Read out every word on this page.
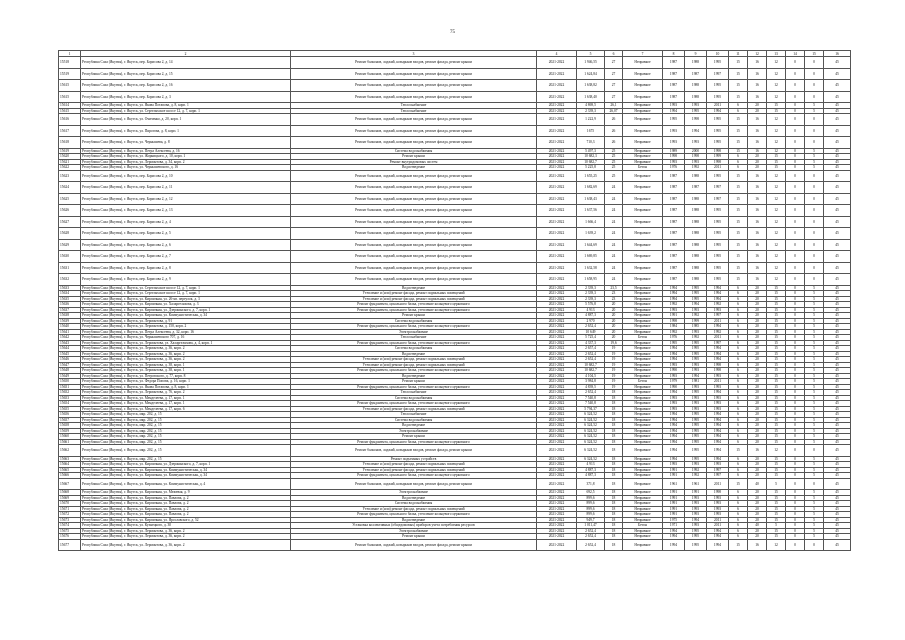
75
1	2	3	4	5	6	7	8	9	10	11	12	13	14	15	16
15518	Республика Саха (Якутия), г. Якутск, пер. Борисова 2, д. 14	Ремонт балконов, лоджий, козырьков входов, ремонт фасада, ремонт крыши	2021-2022	1 946,55	27	Неправкое	1987	1988	1995	15	16	12	0	0	45
15519	Республика Саха (Якутия), г. Якутск, пер. Борисова 2, д. 15	Ремонт балконов, лоджий, козырьков входов, ремонт фасада, ремонт крыши	2021-2022	1 624,84	27	Неправкое	1987	1987	1997	15	16	12	0	0	45
15615	Республика Саха (Якутия), г. Якутск, пер. Борисова 2, д. 16	Ремонт балконов, лоджий, козырьков входов, ремонт фасада, ремонт крыши	2021-2022	1 638,82	27	Неправкое	1987	1988	1995	15	16	12	0	0	45
15615	Республика Саха (Якутия), г. Якутск, пер. Борисова 2, д. 3	Ремонт балконов, лоджий, козырьков входов, ремонт фасада, ремонт крыши	2021-2022	1 638,40	27	Неправкое	1987	1988	1995	15	16	12	0	0	45
15614	Республика Саха (Якутия), г. Якутск, ул. Якова Потапова, д. 8, корп. 1	Теплоснабжение	2021-2022	4 869,5	26,1	Неправкое	1993	1993	2011	6	20	15	0	5	45
15615	Республика Саха (Якутия), г. Якутск, ул. Сергеляхское шоссе 12, д. 7, корп. 1	Теплоснабжение	2021-2022	2 339,3	26,07	Неправкое	1994	1995	1994	6	20	15	0	5	45
15616	Республика Саха (Якутия), г. Якутск, ул. Очиченко, д. 20, корп. 1	Ремонт балконов, лоджий, козырьков входов, ремонт фасада, ремонт крыши	2021-2022	1 222,9	26	Неправкое	1995	1998	1995	15	16	12	0	0	45
15617	Республика Саха (Якутия), г. Якутск, ул. Пирогова, д. 8, корп. 1	Ремонт балконов, лоджий, козырьков входов, ремонт фасада, ремонт крыши	2021-2022	1675	26	Неправкое	1993	1994	1995	15	16	12	0	0	45
15618	Республика Саха (Якутия), г. Якутск, ул. Чернышева, д. 8	Ремонт балконов, лоджий, козырьков входов, ремонт фасада, ремонт крыши	2021-2022	710,3	26	Неправкое	1993	1993	1995	15	16	12	0	0	45
15619	Республика Саха (Якутия), г. Якутск, ул. Петра Алексеева, д. 16	Система водоснабжения	2021-2022	5 497,3	25	Неправкое	1989	2000	1998	15	16	12	0	5	45
15620	Республика Саха (Якутия), г. Якутск, ул. Жорницкого, д. 10, корп. 1	Ремонт крыши	2021-2022	10 682,3	25	Неправкое	1998	1998	1999	6	20	15	0	5	45
15621	Республика Саха (Якутия), г. Якутск, ул. Лермонтова, д. 34, корп. 2	Ремонт внутридомовых систем	2021-2022	10 682,7	25	Неправкое	1993	1993	1998	6	20	15	0	5	45
15622	Республика Саха (Якутия), г. Якутск, ул. Чернышевского, д. 16	Водоотведение	2021-2022	5 225,8	25	Бетон	1976	1992	2011	6	20	15	0	5	45
15623	Республика Саха (Якутия), г. Якутск, пер. Борисова 2, д. 10	Ремонт балконов, лоджий, козырьков входов, ремонт фасада, ремонт крыши	2021-2022	1 655,25	25	Неправкое	1987	1988	1995	15	16	12	0	0	45
15624	Республика Саха (Якутия), г. Якутск, пер. Борисова 2, д. 11	Ремонт балконов, лоджий, козырьков входов, ремонт фасада, ремонт крыши	2021-2022	1 682,69	24	Неправкое	1987	1987	1997	15	16	12	0	0	45
15625	Республика Саха (Якутия), г. Якутск, пер. Борисова 2, д. 12	Ремонт балконов, лоджий, козырьков входов, ремонт фасада, ремонт крыши	2021-2022	1 638,43	24	Неправкое	1987	1988	1997	15	16	12	0	0	45
15626	Республика Саха (Якутия), г. Якутск, пер. Борисова 2, д. 13	Ремонт балконов, лоджий, козырьков входов, ремонт фасада, ремонт крыши	2021-2022	1 637,56	24	Неправкое	1987	1988	1995	15	16	12	0	0	45
15627	Республика Саха (Якутия), г. Якутск, пер. Борисова 2, д. 4	Ремонт балконов, лоджий, козырьков входов, ремонт фасада, ремонт крыши	2021-2022	1 666,4	24	Неправкое	1987	1988	1995	15	16	12	0	0	45
15628	Республика Саха (Якутия), г. Якутск, пер. Борисова 2, д. 5	Ремонт балконов, лоджий, козырьков входов, ремонт фасада, ремонт крыши	2021-2022	1 639,2	24	Неправкое	1987	1988	1995	15	16	12	0	0	45
15629	Республика Саха (Якутия), г. Якутск, пер. Борисова 2, д. 6	Ремонт балконов, лоджий, козырьков входов, ремонт фасада, ремонт крыши	2021-2022	1 644,69	24	Неправкое	1987	1988	1995	15	16	12	0	0	45
15630	Республика Саха (Якутия), г. Якутск, пер. Борисова 2, д. 7	Ремонт балконов, лоджий, козырьков входов, ремонт фасада, ремонт крыши	2021-2022	1 669,85	24	Неправкое	1987	1988	1995	15	16	12	0	0	45
15631	Республика Саха (Якутия), г. Якутск, пер. Борисова 2, д. 8	Ремонт балконов, лоджий, козырьков входов, ремонт фасада, ремонт крыши	2021-2022	1 632,58	24	Неправкое	1987	1988	1995	15	16	12	0	0	45
15632	Республика Саха (Якутия), г. Якутск, пер. Борисова 2, д. 9	Ремонт балконов, лоджий, козырьков входов, ремонт фасада, ремонт крыши	2021-2022	1 658,95	24	Неправкое	1987	1988	1995	15	16	12	0	0	45
15633	Республика Саха (Якутия), г. Якутск, ул. Сергеляхское шоссе 12, д. 7, корп. 1	Водоотведение	2021-2022	2 339,3	23,5	Неправкое	1994	1995	1994	6	20	15	0	5	45
15634	Республика Саха (Якутия), г. Якутск, ул. Сергеляхское шоссе 12, д. 7, корп. 1	Утепление и (или) ремонт фасада, ремонт подвальных помещений	2021-2022	2 339,3	23	Неправкое	1994	1995	1994	6	20	15	0	5	45
15635	Республика Саха (Якутия), г. Якутск, ул. Кирпичная, ул. 26-кв. переулок, д. 3	Утепление и (или) ремонт фасада, ремонт подвальных помещений	2021-2022	2 339,3	23	Неправкое	1994	1995	1994	6	20	15	0	5	45
15636	Республика Саха (Якутия), г. Якутск, ул. Кирпичная, ул. Халаргеляхова, д. 3	Ремонт фундамента, цокольного балка, утепление кольцевого церковного	2021-2022	5 576,8	20	Неправкое	1992	1994	1992	6	20	15	0	5	45
15637	Республика Саха (Якутия), г. Якутск, ул. Кирпичная, ул. Дзержинского, д. 7, корп. 1	Ремонт фундамента, цокольного балка, утепление кольцевого церковного	2021-2022	4 913	20	Неправкое	1993	1993	1993	6	20	15	0	5	45
15638	Республика Саха (Якутия), г. Якутск, ул. Кирпичная, ул. Коммунистическая, д. 34	Ремонт крыши	2021-2022	4 887,3	20	Неправкое	1991	1992	1997	6	20	15	0	5	45
15639	Республика Саха (Якутия), г. Якутск, ул. Лермонтова, д. 91	Система водоснабжения	2021-2022	2 970	20	Неправкое	1998	1999	2011	6	20	15	0	5	45
15640	Республика Саха (Якутия), г. Якутск, ул. Лермонтова, д. 150, корп. 2	Ремонт фундамента, цокольного балка, утепление кольцевого церковного	2021-2022	2 652,4	20	Неправкое	1984	1985	1994	6	20	15	0	5	45
15641	Республика Саха (Якутия), г. Якутск, ул. Петра Алексеева, д. 32, корп. 16	Электроснабжение	2021-2022	10 649	20	Неправкое	1992	1993	1992	6	20	15	0	5	45
15642	Республика Саха (Якутия), г. Якутск, ул. Чернышевского 707, д. 16	Теплоснабжение	2021-2022	5 725,4	20	Бетон	1976	1992	2011	6	20	15	0	5	45
15643	Республика Саха (Якутия), г. Якутск, ул. Лермонтова, ул. Халаргеляхова, д. 4, корп. 1	Ремонт фундамента, цокольного балка, утепление кольцевого церковного	2021-2022	4 337,3	19,6	Неправкое	1995	1995	1997	6	20	15	0	5	45
15644	Республика Саха (Якутия), г. Якутск, ул. Лермонтова, д. 36, корп. 2	Система водоснабжения	2021-2022	2 657,4	19	Неправкое	1994	1995	1994	6	20	15	0	5	45
15645	Республика Саха (Якутия), г. Якутск, ул. Лермонтова, д. 36, корп. 2	Водоотведение	2021-2022	2 652,4	19	Неправкое	1994	1995	1994	6	20	15	0	5	45
15646	Республика Саха (Якутия), г. Якутск, ул. Лермонтова, д. 36, корп. 2	Утепление и (или) ремонт фасада, ремонт подвальных помещений	2021-2022	2 652,4	19	Неправкое	1994	1995	1994	6	20	15	0	5	45
15647	Республика Саха (Якутия), г. Якутск, ул. Лермонтова, д. 38, корп. 1	Утепление и (или) ремонт фасада, ремонт подвальных помещений	2021-2022	10 682,7	19	Неправкое	1993	1993	1998	6	20	15	0	5	45
15648	Республика Саха (Якутия), г. Якутск, ул. Лермонтова, д. 38, корп. 1	Ремонт фундамента, цокольного балка, утепление кольцевого церковного	2021-2022	10 682,7	19	Неправкое	1990	1993	1998	6	20	15	0	5	45
15649	Республика Саха (Якутия), г. Якутск, ул. Петровского, д. 77, корп. 8	Водоотведение	2021-2022	4 104,5	19	Неправкое	1993	1994	1993	6	20	15	0	5	45
15650	Республика Саха (Якутия), г. Якутск, ул. Федора Попова, д. 16, корп. 1	Ремонт крыши	2021-2022	3 984,8	19	Бетон	1979	1981	2011	6	20	15	0	5	45
15651	Республика Саха (Якутия), г. Якутск, ул. Якова Потапова, д. 8, корп. 1	Ремонт фундамента, цокольного балка, утепление кольцевого церковного	2021-2022	4 839,5	19	Неправкое	1990	1993	1993	6	20	15	0	5	45
15652	Республика Саха (Якутия), г. Якутск, ул. Лермонтова, д. 76, корп. 2	Теплоснабжение	2021-2022	2 652,4	18	Неправкое	1994	1995	1994	6	20	15	0	5	45
15653	Республика Саха (Якутия), г. Якутск, ул. Менделеева, д. 17, корп. 1	Система водоснабжения	2021-2022	7 540,8	18	Неправкое	1993	1993	1993	6	20	15	0	5	45
15654	Республика Саха (Якутия), г. Якутск, ул. Менделеева, д. 17, корп. 1	Ремонт фундамента, цокольного балка, утепление кольцевого церковного	2021-2022	7 540,8	18	Неправкое	1993	1993	1993	6	20	15	0	5	45
15655	Республика Саха (Якутия), г. Якутск, ул. Менделеева, д. 17, корп. 6	Утепление и (или) ремонт фасада, ремонт подвальных помещений	2021-2022	5 794,37	18	Неправкое	1993	1993	1993	6	20	15	0	5	45
15656	Республика Саха (Якутия), г. Якутск, мкр. 202, д. 15	Теплоснабжение	2021-2022	6 324,52	18	Неправкое	1994	1995	1994	6	20	15	0	5	45
15657	Республика Саха (Якутия), г. Якутск, мкр. 202, д. 15	Система водоснабжения	2021-2022	6 324,52	18	Неправкое	1994	1995	1994	6	20	15	0	5	45
15658	Республика Саха (Якутия), г. Якутск, мкр. 202, д. 15	Водоотведение	2021-2022	6 324,52	18	Неправкое	1994	1995	1994	6	20	15	0	5	45
15659	Республика Саха (Якутия), г. Якутск, мкр. 202, д. 15	Электроснабжение	2021-2022	6 324,52	18	Неправкое	1994	1995	1994	6	20	15	0	5	45
15660	Республика Саха (Якутия), г. Якутск, мкр. 202, д. 15	Ремонт крыши	2021-2022	6 324,52	18	Неправкое	1994	1995	1994	6	20	15	0	5	45
15661	Республика Саха (Якутия), г. Якутск, мкр. 202, д. 15	Ремонт фундамента, цокольного балка, утепление кольцевого церковного	2021-2022	6 324,52	18	Неправкое	1994	1995	1994	6	20	15	0	5	45
15662	Республика Саха (Якутия), г. Якутск, мкр. 202, д. 15	Ремонт балконов, лоджий, козырьков входов, ремонт фасада, ремонт крыши	2021-2022	6 324,52	18	Неправкое	1994	1995	1994	15	16	12	0	0	45
15663	Республика Саха (Якутия), г. Якутск, мкр. 202, д. 15	Ремонт подъемных устройств	2021-2022	6 324,52	18	Неправкое	1994	1995	1994	6	20	15	0	5	45
15664	Республика Саха (Якутия), г. Якутск, ул. Кирпичная, ул. Дзержинского, д. 7, корп. 1	Утепление и (или) ремонт фасада, ремонт подвальных помещений	2021-2022	4 913	18	Неправкое	1993	1993	1993	6	20	15	0	5	45
15665	Республика Саха (Якутия), г. Якутск, ул. Кирпичная, ул. Коммунистическая, д. 34	Утепление и (или) ремонт фасада, ремонт подвальных помещений	2021-2022	4 887,3	18	Неправкое	1991	1992	1997	6	20	15	0	5	45
15666	Республика Саха (Якутия), г. Якутск, ул. Кирпичная, ул. Коммунистическая, д. 34	Ремонт фундамента, цокольного балка, утепление кольцевого церковного	2021-2022	4 887,3	18	Неправкое	1991	1992	1997	6	20	15	0	5	45
15667	Республика Саха (Якутия), г. Якутск, ул. Кирпичная, ул. Коммунистическая, д. 4	Ремонт балконов, лоджий, козырьков входов, ремонт фасада, ремонт крыши	2021-2022	371,8	18	Неправкое	1961	1961	2011	15	40	5	0	0	45
15668	Республика Саха (Якутия), г. Якутск, ул. Кирпичная, ул. Межевая, д. 9	Электроснабжение	2021-2022	692,5	18	Неправкое	1991	1991	1998	6	20	15	0	5	45
15669	Республика Саха (Якутия), г. Якутск, ул. Кирпичная, ул. Павлова, д. 2	Водоотведение	2021-2022	899,6	18	Неправкое	1991	1993	1993	6	20	15	0	5	45
15670	Республика Саха (Якутия), г. Якутск, ул. Кирпичная, ул. Павлова, д. 2	Система водоснабжения	2021-2022	899,6	18	Неправкое	1991	1993	1993	6	20	15	0	5	45
15671	Республика Саха (Якутия), г. Якутск, ул. Кирпичная, ул. Павлова, д. 2	Утепление и (или) ремонт фасада, ремонт подвальных помещений	2021-2022	899,6	18	Неправкое	1991	1993	1993	6	20	15	0	5	45
15672	Республика Саха (Якутия), г. Якутск, ул. Кирпичная, ул. Павлова, д. 2	Ремонт фундамента, цокольного балка, утепление кольцевого церковного	2021-2022	899,6	18	Неправкое	1991	1993	1993	6	20	15	0	5	45
15673	Республика Саха (Якутия), г. Якутск, ул. Кирпичная, ул. Ярославского, д. 52	Водоотведение	2021-2022	949,7	18	Неправкое	1975	1994	2011	6	20	15	0	5	45
15674	Республика Саха (Якутия), г. Якутск, ул. Кузнецкого, д. 30	Установка коллективных (общедомовых) приборов учета потребления ресурсов	2021-2022	1 011,47	18	Бетон	1971	1993	2011	6	40	5	0	5	45
15675	Республика Саха (Якутия), г. Якутск, ул. Лермонтова, д. 36, корп. 2	Электроснабжение	2021-2022	2 652,4	18	Неправкое	1994	1995	1994	6	20	15	0	5	45
15676	Республика Саха (Якутия), г. Якутск, ул. Лермонтова, д. 36, корп. 2	Ремонт крыши	2021-2022	2 652,4	18	Неправкое	1994	1995	1994	6	20	15	0	5	45
15677	Республика Саха (Якутия), г. Якутск, ул. Лермонтова, д. 36, корп. 2	Ремонт балконов, лоджий, козырьков входов, ремонт фасада, ремонт крыши	2021-2022	2 652,4	18	Неправкое	1994	1995	1994	15	16	12	0	0	45
